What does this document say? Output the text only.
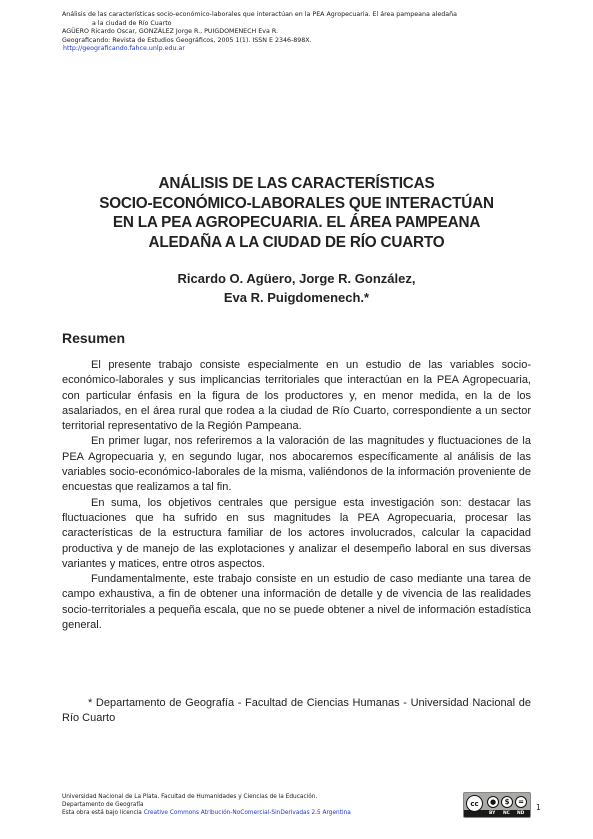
Análisis de las características socio-económico-laborales que interactúan en la PEA Agropecuaria. El área pampeana aledaña
a la ciudad de Río Cuarto
AGÜERO Ricardo Oscar, GONZÁLEZ Jorge R., PUIGDOMENECH Eva R.
Geograficando: Revista de Estudios Geográficos, 2005 1(1). ISSN E 2346-898X.
http://geograficando.fahce.unlp.edu.ar
ANÁLISIS DE LAS CARACTERÍSTICAS
SOCIO-ECONÓMICO-LABORALES QUE INTERACTÚAN
EN LA PEA AGROPECUARIA. EL ÁREA PAMPEANA
ALEDAÑA A LA CIUDAD DE RÍO CUARTO
Ricardo O. Agüero, Jorge R. González,
Eva R. Puigdomenech.*
Resumen

El presente trabajo consiste especialmente en un estudio de las variables socio-económico-laborales y sus implicancias territoriales que interactúan en la PEA Agropecuaria, con particular énfasis en la figura de los productores y, en menor medida, en la de los asalariados, en el área rural que rodea a la ciudad de Río Cuarto, correspondiente a un sector territorial representativo de la Región Pampeana.

En primer lugar, nos referiremos a la valoración de las magnitudes y fluctuaciones de la PEA Agropecuaria y, en segundo lugar, nos abocaremos específicamente al análisis de las variables socio-económico-laborales de la misma, valiéndonos de la información proveniente de encuestas que realizamos a tal fin.

En suma, los objetivos centrales que persigue esta investigación son: destacar las fluctuaciones que ha sufrido en sus magnitudes la PEA Agropecuaria, procesar las características de la estructura familiar de los actores involucrados, calcular la capacidad productiva y de manejo de las explotaciones y analizar el desempeño laboral en sus diversas variantes y matices, entre otros aspectos.

Fundamentalmente, este trabajo consiste en un estudio de caso mediante una tarea de campo exhaustiva, a fin de obtener una información de detalle y de vivencia de las realidades socio-territoriales a pequeña escala, que no se puede obtener a nivel de información estadística general.

* Departamento de Geografía - Facultad de Ciencias Humanas - Universidad Nacional de Río Cuarto
Universidad Nacional de La Plata. Facultad de Humanidades y Ciencias de la Educación.
Departamento de Geografía
Esta obra está bajo licencia Creative Commons Atribución-NoComercial-SinDerivadas 2.5 Argentina
cc	●	$	=
BY NC ND
1
